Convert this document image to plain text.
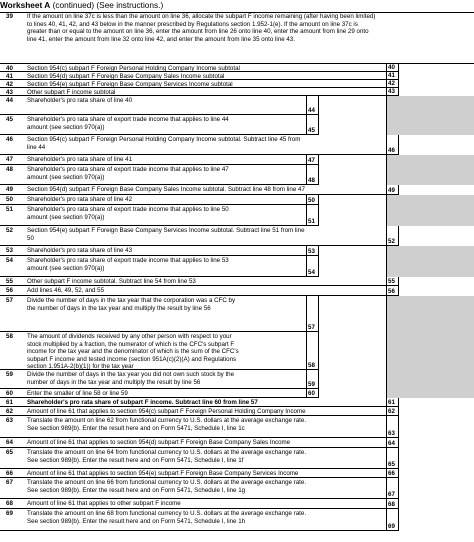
Worksheet A (continued) (See instructions.)
39 If the amount on line 37c is less than the amount on line 36, allocate the subpart F income remaining (after having been limited)
to lines 40, 41, 42, and 43 below in the manner prescribed by Regulations section 1.952-1(e). If the amount on line 37c is
greater than or equal to the amount on line 36, enter the amount from line 26 onto line 40, enter the amount from line 29 onto
line 41, enter the amount from line 32 onto line 42, and enter the amount from line 35 onto line 43.
40 Section 954(c) subpart F Foreign Personal Holding Company Income subtotal	40
41 Section 954(d) subpart F Foreign Base Company Sales Income subtotal	41
42 Section 954(e) subpart F Foreign Base Company Services Income subtotal	42
43 Other subpart F income subtotal	43
44 Shareholder's pro rata share of line 40
44
45 Shareholder's pro rata share of export trade income that applies to line 44
amount (see section 970(a))	45
46 Section 954(c) subpart F Foreign Personal Holding Company Income subtotal. Subtract line 45 from
line 44	46
47 Shareholder's pro rata share of line 41	47
48 Shareholder's pro rata share of export trade income that applies to line 47
amount (see section 970(a))	48
49 Section 954(d) subpart F Foreign Base Company Sales Income subtotal. Subtract line 48 from line 47	49
50 Shareholder's pro rata share of line 42	50
51 Shareholder's pro rata share of export trade income that applies to line 50
amount (see section 970(a))
51
52 Section 954(e) subpart F Foreign Base Company Services Income subtotal. Subtract line 51 from line
50	52
53 Shareholder's pro rata share of line 43	53
54 Shareholder's pro rata share of export trade income that applies to line 53
amount (see section 970(a))
54
55 Other subpart F income subtotal. Subtract line 54 from line 53	55
56 Add lines 46, 49, 52, and 55	56
57 Divide the number of days in the tax year that the corporation was a CFC by
the number of days in the tax year and multiply the result by line 56
57
58 The amount of dividends received by any other person with respect to your
stock multiplied by a fraction, the numerator of which is the CFC's subpart F
income for the tax year and the denominator of which is the sum of the CFC's
subpart F income and tested income (section 951A(c)(2)(A) and Regulations
section 1.951A-2(b)(1)) for the tax year	58
59 Divide the number of days in the tax year you did not own such stock by the
number of days in the tax year and multiply the result by line 56	59
60 Enter the smaller of line 58 or line 59	60
61 Shareholder's pro rata share of subpart F income. Subtract line 60 from line 57	61
62 Amount of line 61 that applies to section 954(c) subpart F Foreign Personal Holding Company Income	62
63 Translate the amount on line 62 from functional currency to U.S. dollars at the average exchange rate.
See section 989(b). Enter the result here and on Form 5471, Schedule I, line 1c
63
64 Amount of line 61 that applies to section 954(d) subpart F Foreign Base Company Sales Income	64
65 Translate the amount on line 64 from functional currency to U.S. dollars at the average exchange rate.
See section 989(b). Enter the result here and on Form 5471, Schedule I, line 1f
65
66 Amount of line 61 that applies to section 954(e) subpart F Foreign Base Company Services Income	66
67 Translate the amount on line 66 from functional currency to U.S. dollars at the average exchange rate.
See section 989(b). Enter the result here and on Form 5471, Schedule I, line 1g
67
68 Amount of line 61 that applies to other subpart F income	68
69 Translate the amount on line 68 from functional currency to U.S. dollars at the average exchange rate.
See section 989(b). Enter the result here and on Form 5471, Schedule I, line 1h
69
